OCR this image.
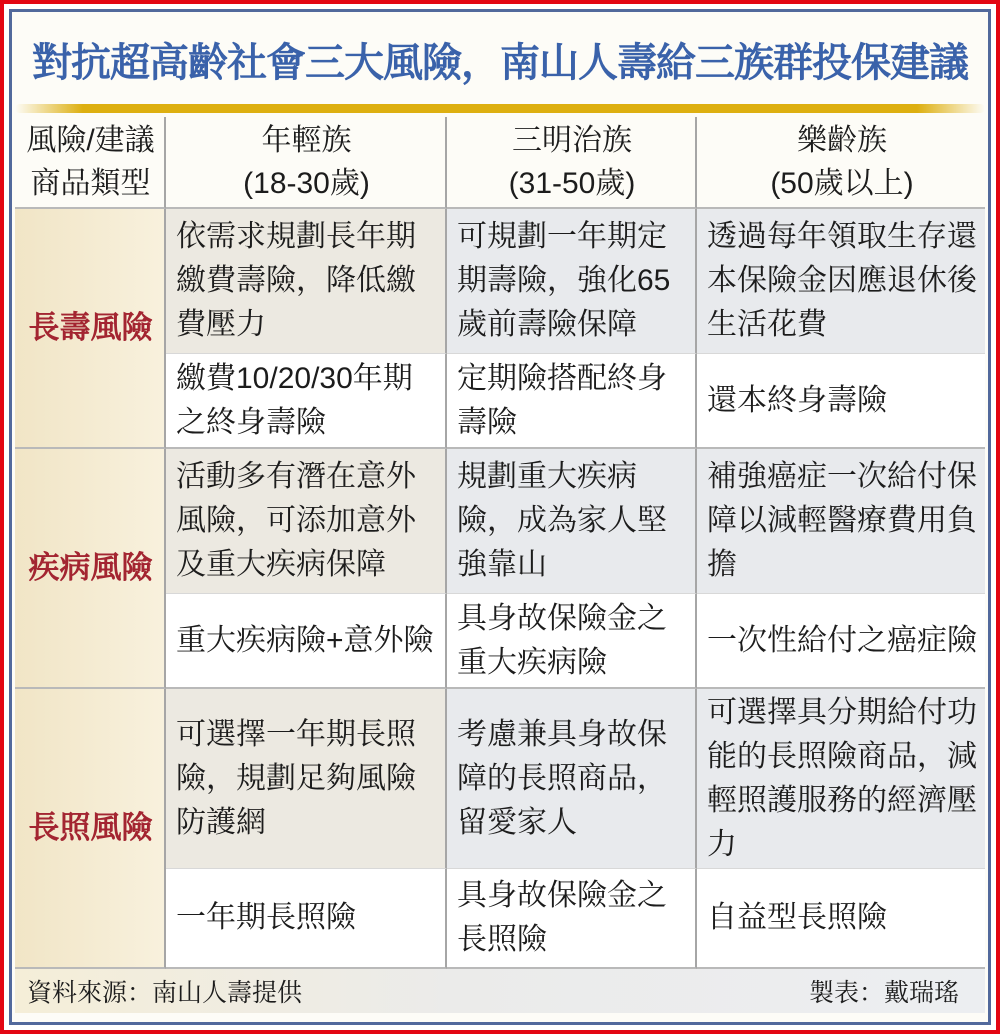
對抗超高齡社會三大風險，南山人壽給三族群投保建議
風險/建議
商品類型
年輕族
(18-30歲)
三明治族
(31-50歲)
樂齡族
(50歲以上)
長壽風險
依需求規劃長年期繳費壽險，降低繳費壓力
可規劃一年期定期壽險，強化65歲前壽險保障
透過每年領取生存還本保險金因應退休後生活花費
繳費10/20/30年期之終身壽險
定期險搭配終身壽險
還本終身壽險
疾病風險
活動多有潛在意外風險，可添加意外及重大疾病保障
規劃重大疾病險，成為家人堅強靠山
補強癌症一次給付保障以減輕醫療費用負擔
重大疾病險+意外險
具身故保險金之重大疾病險
一次性給付之癌症險
長照風險
可選擇一年期長照險，規劃足夠風險防護網
考慮兼具身故保障的長照商品，留愛家人
可選擇具分期給付功能的長照險商品，減輕照護服務的經濟壓力
一年期長照險
具身故保險金之長照險
自益型長照險
資料來源：南山人壽提供	製表：戴瑞瑤
